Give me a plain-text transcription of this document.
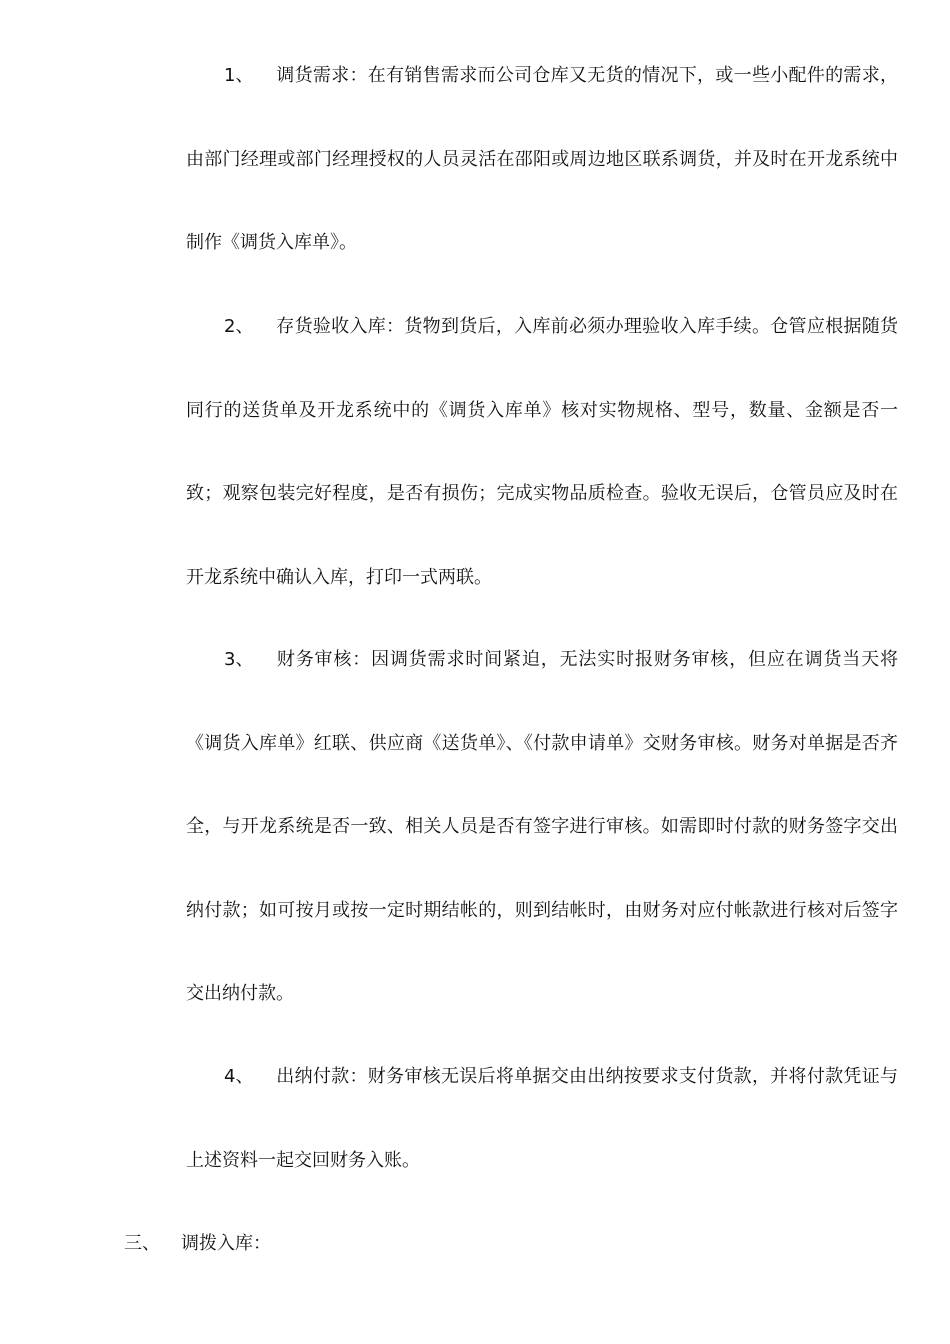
1、 调货需求：在有销售需求而公司仓库又无货的情况下，或一些小配件的需求，由部门经理或部门经理授权的人员灵活在邵阳或周边地区联系调货，并及时在开龙系统中制作《调货入库单》。

2、 存货验收入库：货物到货后，入库前必须办理验收入库手续。仓管应根据随货同行的送货单及开龙系统中的《调货入库单》核对实物规格、型号，数量、金额是否一致；观察包装完好程度，是否有损伤；完成实物品质检查。验收无误后，仓管员应及时在开龙系统中确认入库，打印一式两联。

3、 财务审核：因调货需求时间紧迫，无法实时报财务审核，但应在调货当天将《调货入库单》红联、供应商《送货单》、《付款申请单》交财务审核。财务对单据是否齐全，与开龙系统是否一致、相关人员是否有签字进行审核。如需即时付款的财务签字交出纳付款；如可按月或按一定时期结帐的，则到结帐时，由财务对应付帐款进行核对后签字交出纳付款。

4、 出纳付款：财务审核无误后将单据交由出纳按要求支付货款，并将付款凭证与上述资料一起交回财务入账。

三、 调拨入库：
